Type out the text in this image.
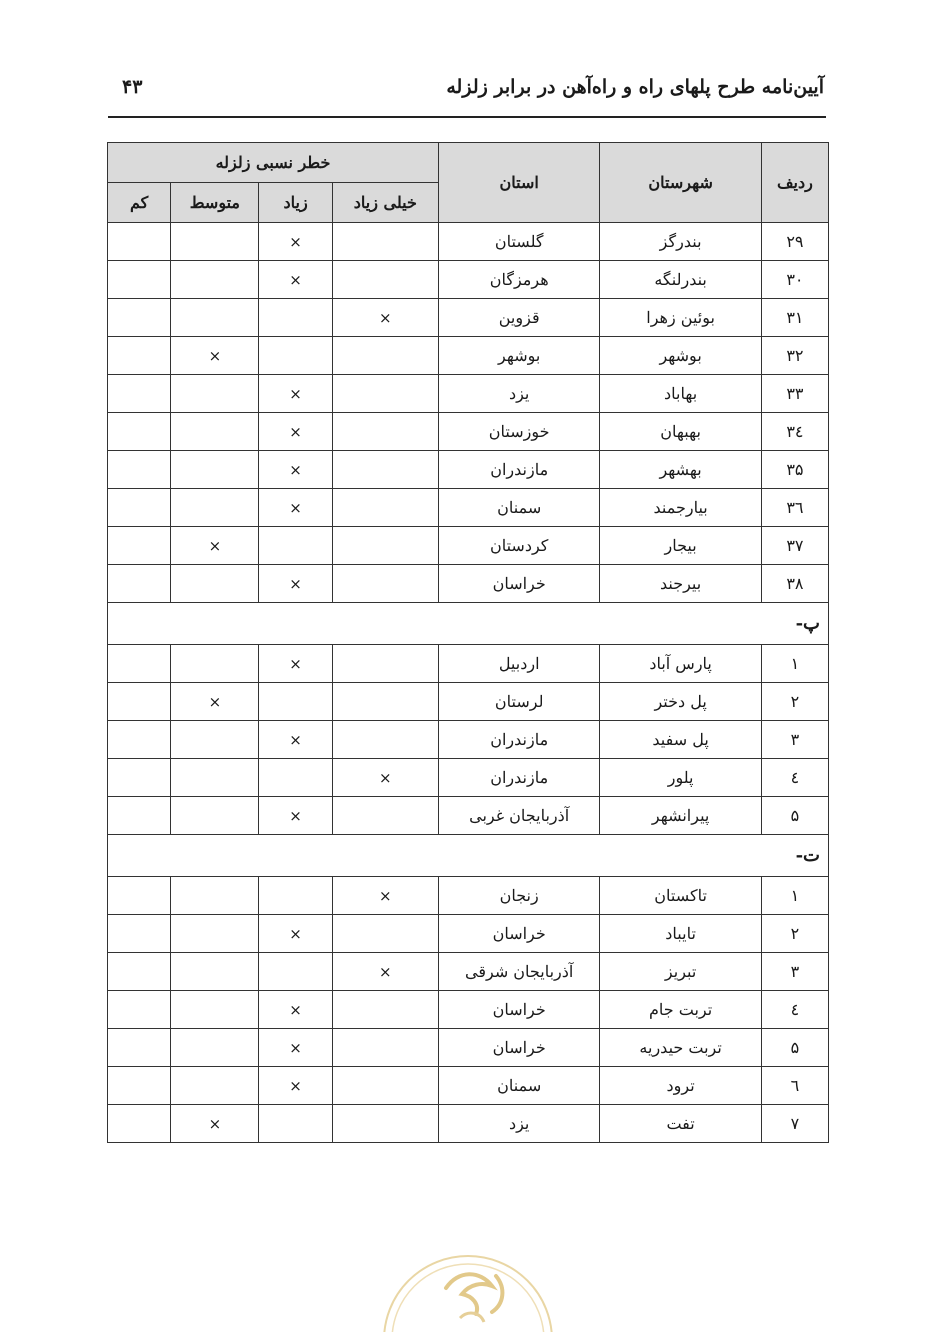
آیین‌نامه طرح پلهای راه و راه‌آهن در برابر زلزله
۴۳
ردیف	شهرستان	استان	خطر نسبی زلزله			
			خیلی زیاد	زیاد	متوسط	کم
۲۹	بندرگز	گلستان		×		
۳۰	بندرلنگه	هرمزگان		×		
۳۱	بوئین زهرا	قزوین	×			
۳۲	بوشهر	بوشهر			×	
۳۳	بهاباد	یزد		×		
۳٤	بهبهان	خوزستان		×		
۳۵	بهشهر	مازندران		×		
۳٦	بیارجمند	سمنان		×		
۳۷	بیجار	کردستان			×	
۳۸	بیرجند	خراسان		×		
پ-						
۱	پارس آباد	اردبیل		×		
۲	پل دختر	لرستان			×	
۳	پل سفید	مازندران		×		
٤	پلور	مازندران	×			
۵	پیرانشهر	آذربایجان غربی		×		
ت-						
۱	تاکستان	زنجان	×			
۲	تایباد	خراسان		×		
۳	تبریز	آذربایجان شرقی	×			
٤	تربت جام	خراسان		×		
۵	تربت حیدریه	خراسان		×		
٦	ترود	سمنان		×		
۷	تفت	یزد			×	
